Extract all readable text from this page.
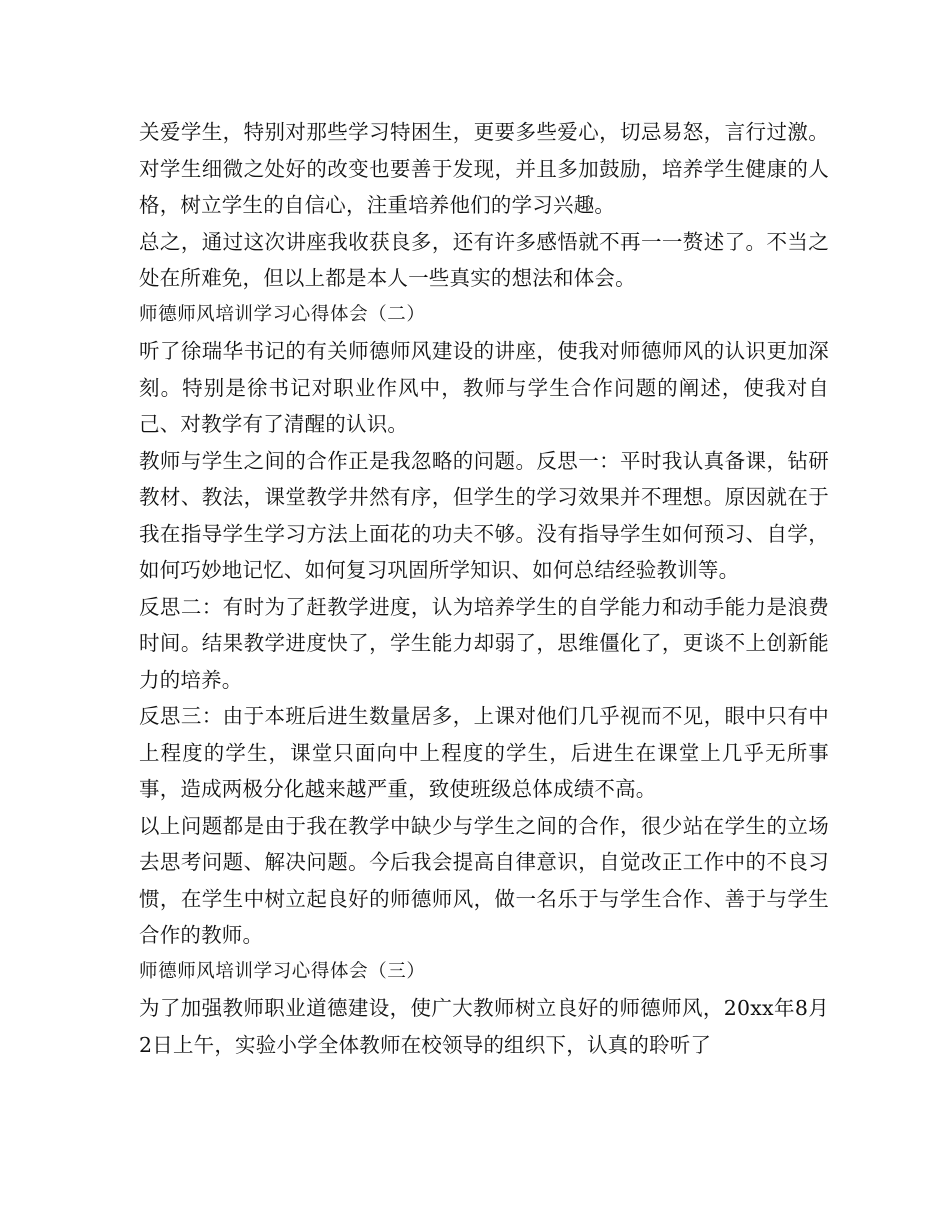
关爱学生，特别对那些学习特困生，更要多些爱心，切忌易怒，言行过激。对学生细微之处好的改变也要善于发现，并且多加鼓励，培养学生健康的人格，树立学生的自信心，注重培养他们的学习兴趣。

总之，通过这次讲座我收获良多，还有许多感悟就不再一一赘述了。不当之处在所难免，但以上都是本人一些真实的想法和体会。

师德师风培训学习心得体会（二）

听了徐瑞华书记的有关师德师风建设的讲座，使我对师德师风的认识更加深刻。特别是徐书记对职业作风中，教师与学生合作问题的阐述，使我对自己、对教学有了清醒的认识。

教师与学生之间的合作正是我忽略的问题。反思一：平时我认真备课，钻研教材、教法，课堂教学井然有序，但学生的学习效果并不理想。原因就在于我在指导学生学习方法上面花的功夫不够。没有指导学生如何预习、自学，如何巧妙地记忆、如何复习巩固所学知识、如何总结经验教训等。

反思二：有时为了赶教学进度，认为培养学生的自学能力和动手能力是浪费时间。结果教学进度快了，学生能力却弱了，思维僵化了，更谈不上创新能力的培养。

反思三：由于本班后进生数量居多，上课对他们几乎视而不见，眼中只有中上程度的学生，课堂只面向中上程度的学生，后进生在课堂上几乎无所事事，造成两极分化越来越严重，致使班级总体成绩不高。

以上问题都是由于我在教学中缺少与学生之间的合作，很少站在学生的立场去思考问题、解决问题。今后我会提高自律意识，自觉改正工作中的不良习惯，在学生中树立起良好的师德师风，做一名乐于与学生合作、善于与学生合作的教师。

师德师风培训学习心得体会（三）

为了加强教师职业道德建设，使广大教师树立良好的师德师风，20xx年8月2日上午，实验小学全体教师在校领导的组织下，认真的聆听了
